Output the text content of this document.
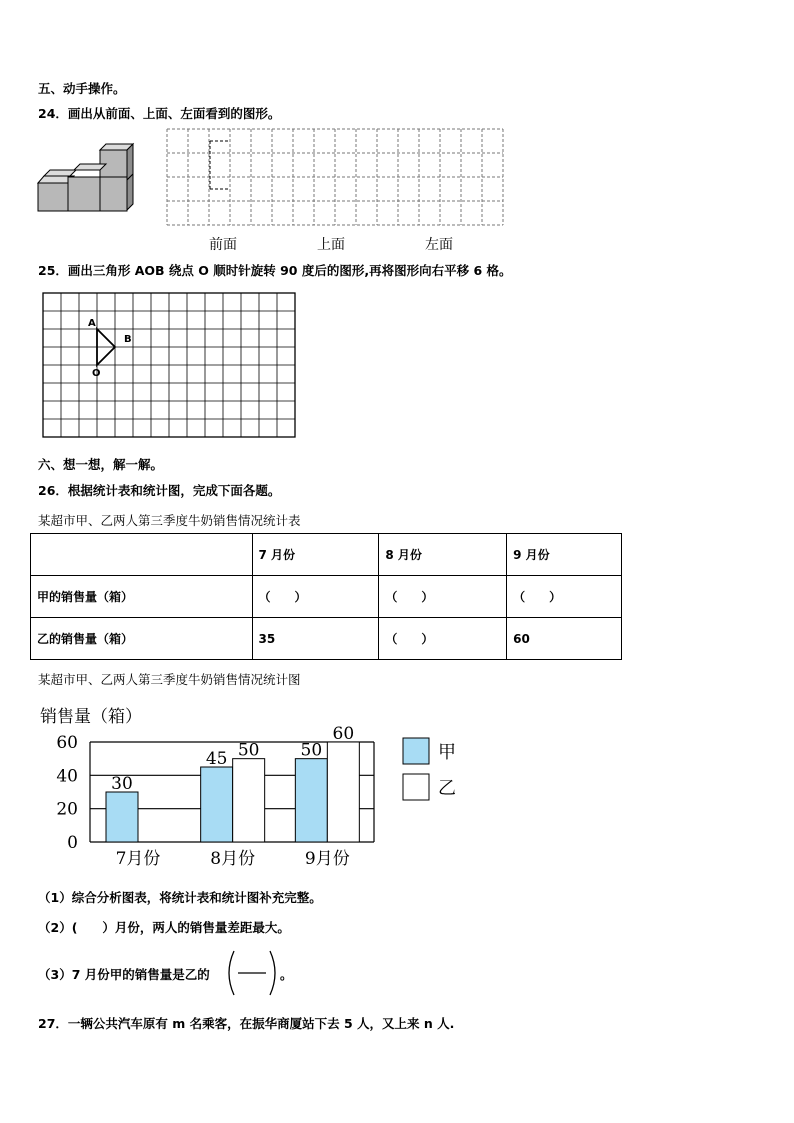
五、动手操作。
24．画出从前面、上面、左面看到的图形。
前面	上面	左面
25．画出三角形 AOB 绕点 O 顺时针旋转 90 度后的图形,再将图形向右平移 6 格。
A
B
O
六、想一想，解一解。
26．根据统计表和统计图，完成下面各题。
某超市甲、乙两人第三季度牛奶销售情况统计表
	7 月份	8 月份	9 月份
甲的销售量（箱）	（　　）	（　　）	（　　）
乙的销售量（箱）	35	（　　）	60
某超市甲、乙两人第三季度牛奶销售情况统计图
销售量（箱）
0
20
40
60
30
7月份
45 50
8月份
50
60
9月份
甲
乙
（1）综合分析图表，将统计表和统计图补充完整。
（2）(　　）月份，两人的销售量差距最大。
（3）7 月份甲的销售量是乙的	。
27．一辆公共汽车原有 m 名乘客，在振华商厦站下去 5 人，又上来 n 人.
